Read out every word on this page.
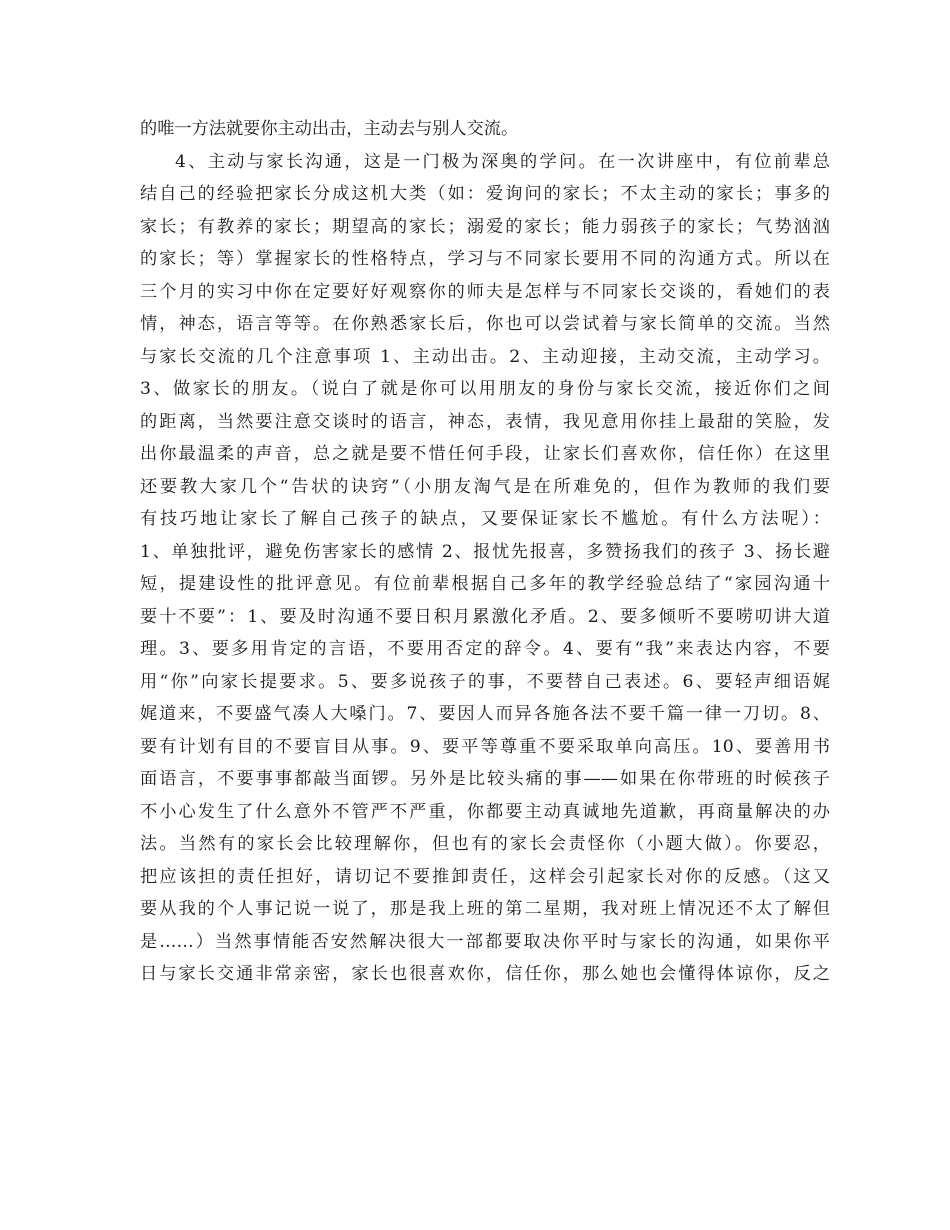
的唯一方法就要你主动出击，主动去与别人交流。
4、主动与家长沟通，这是一门极为深奥的学问。在一次讲座中，有位前辈总
结自己的经验把家长分成这机大类（如：爱询问的家长；不太主动的家长；事多的
家长；有教养的家长；期望高的家长；溺爱的家长；能力弱孩子的家长；气势汹汹
的家长；等）掌握家长的性格特点，学习与不同家长要用不同的沟通方式。所以在
三个月的实习中你在定要好好观察你的师夫是怎样与不同家长交谈的，看她们的表
情，神态，语言等等。在你熟悉家长后，你也可以尝试着与家长简单的交流。当然
与家长交流的几个注意事项 1、主动出击。2、主动迎接，主动交流，主动学习。
3、做家长的朋友。（说白了就是你可以用朋友的身份与家长交流，接近你们之间
的距离，当然要注意交谈时的语言，神态，表情，我见意用你挂上最甜的笑脸，发
出你最温柔的声音，总之就是要不惜任何手段，让家长们喜欢你，信任你）在这里
还要教大家几个“告状的诀窍”（小朋友淘气是在所难免的，但作为教师的我们要
有技巧地让家长了解自己孩子的缺点，又要保证家长不尴尬。有什么方法呢）：
1、单独批评，避免伤害家长的感情 2、报忧先报喜，多赞扬我们的孩子 3、扬长避
短，提建设性的批评意见。有位前辈根据自己多年的教学经验总结了“家园沟通十
要十不要”：1、要及时沟通不要日积月累激化矛盾。2、要多倾听不要唠叨讲大道
理。3、要多用肯定的言语，不要用否定的辞令。4、要有“我”来表达内容，不要
用“你”向家长提要求。5、要多说孩子的事，不要替自己表述。6、要轻声细语娓
娓道来，不要盛气凑人大嗓门。7、要因人而异各施各法不要千篇一律一刀切。8、
要有计划有目的不要盲目从事。9、要平等尊重不要采取单向高压。10、要善用书
面语言，不要事事都敲当面锣。另外是比较头痛的事——如果在你带班的时候孩子
不小心发生了什么意外不管严不严重，你都要主动真诚地先道歉，再商量解决的办
法。当然有的家长会比较理解你，但也有的家长会责怪你（小题大做）。你要忍，
把应该担的责任担好，请切记不要推卸责任，这样会引起家长对你的反感。（这又
要从我的个人事记说一说了，那是我上班的第二星期，我对班上情况还不太了解但
是……）当然事情能否安然解决很大一部都要取决你平时与家长的沟通，如果你平
日与家长交通非常亲密，家长也很喜欢你，信任你，那么她也会懂得体谅你，反之
